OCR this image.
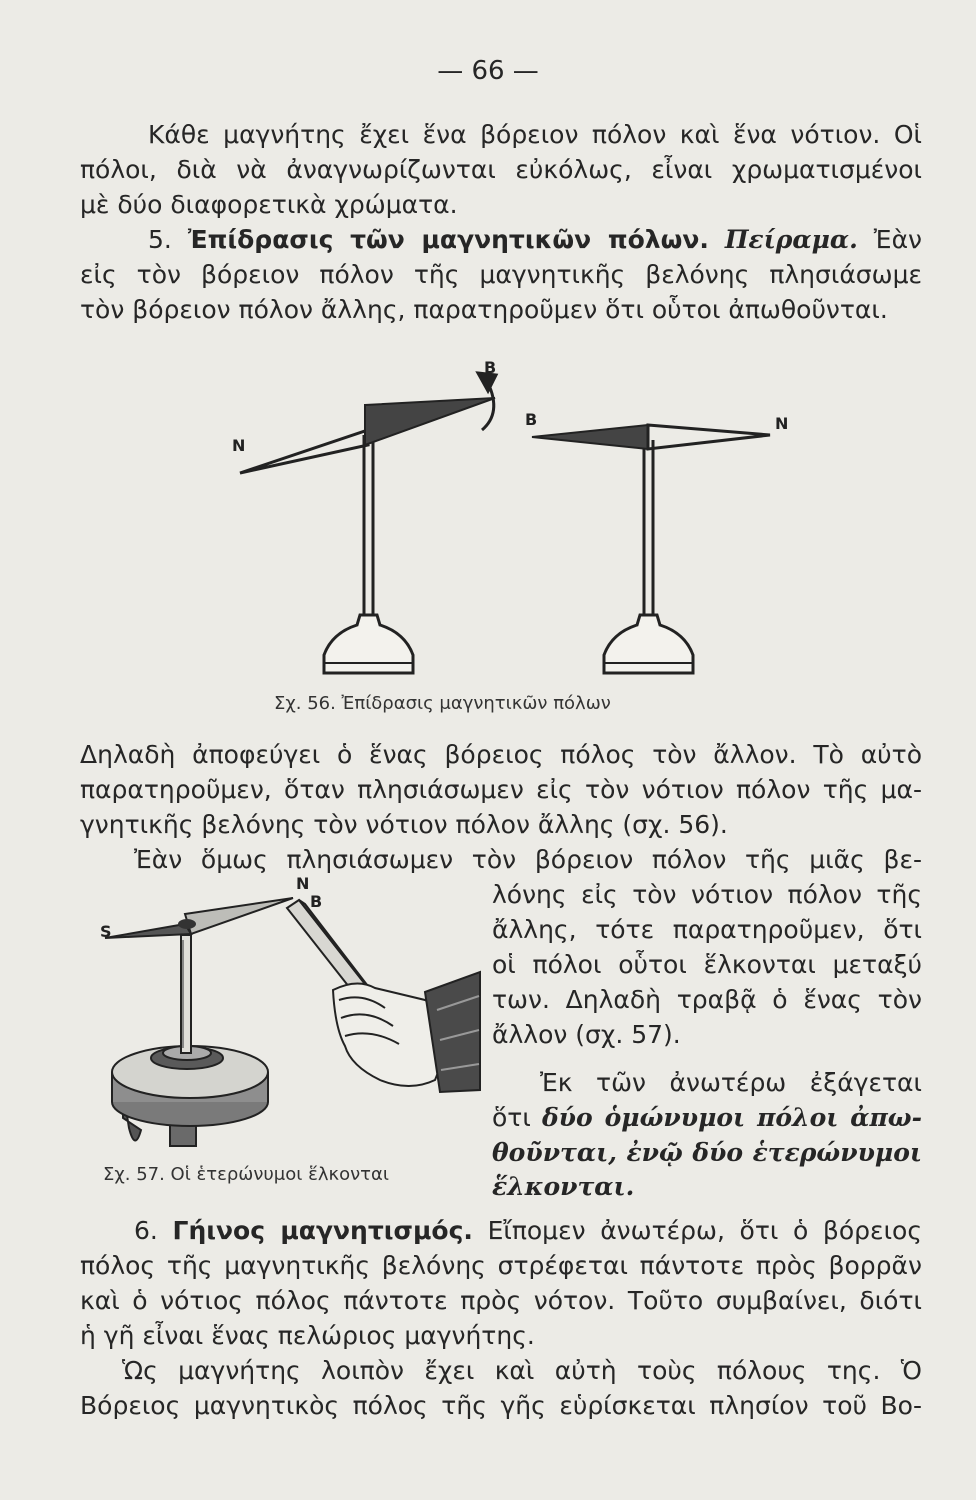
— 66 —
Κάθε μαγνήτης ἔχει ἕνα βόρειον πόλον καὶ ἕνα νότιον. Οἱ
πόλοι, διὰ νὰ ἀναγνωρίζωνται εὐκόλως, εἶναι χρωματισμένοι
μὲ δύο διαφορετικὰ χρώματα.
5. Ἐπίδρασις τῶν μαγνητικῶν πόλων. Πείραμα. Ἐὰν
εἰς τὸν βόρειον πόλον τῆς μαγνητικῆς βελόνης πλησιάσωμε
τὸν βόρειον πόλον ἄλλης, παρατηροῦμεν ὅτι οὗτοι ἀπωθοῦνται.
N
B
B	N
Σχ. 56. Ἐπίδρασις μαγνητικῶν πόλων
Δηλαδὴ ἀποφεύγει ὁ ἕνας βόρειος πόλος τὸν ἄλλον. Τὸ αὐτὸ
παρατηροῦμεν, ὅταν πλησιάσωμεν εἰς τὸν νότιον πόλον τῆς μα-
γνητικῆς βελόνης τὸν νότιον πόλον ἄλλης (σχ. 56).
Ἐὰν ὅμως πλησιάσωμεν τὸν βόρειον πόλον τῆς μιᾶς βε-
λόνης εἰς τὸν νότιον πόλον τῆς
ἄλλης, τότε παρατηροῦμεν, ὅτι
οἱ πόλοι οὗτοι ἕλκονται μεταξύ
των. Δηλαδὴ τραβᾷ ὁ ἕνας τὸν
ἄλλον (σχ. 57).
Ἐκ τῶν ἀνωτέρω ἐξάγεται
ὅτι δύο ὁμώνυμοι πόλοι ἀπω-
θοῦνται, ἐνῷ δύο ἑτερώνυμοι
ἕλκονται.
S
N
B
Σχ. 57. Οἱ ἑτερώνυμοι ἕλκονται
6. Γήινος μαγνητισμός. Εἴπομεν ἀνωτέρω, ὅτι ὁ βόρειος
πόλος τῆς μαγνητικῆς βελόνης στρέφεται πάντοτε πρὸς βορρᾶν
καὶ ὁ νότιος πόλος πάντοτε πρὸς νότον. Τοῦτο συμβαίνει, διότι
ἡ γῆ εἶναι ἕνας πελώριος μαγνήτης.
Ὡς μαγνήτης λοιπὸν ἔχει καὶ αὐτὴ τοὺς πόλους της. Ὁ
Βόρειος μαγνητικὸς πόλος τῆς γῆς εὑρίσκεται πλησίον τοῦ Βο-
